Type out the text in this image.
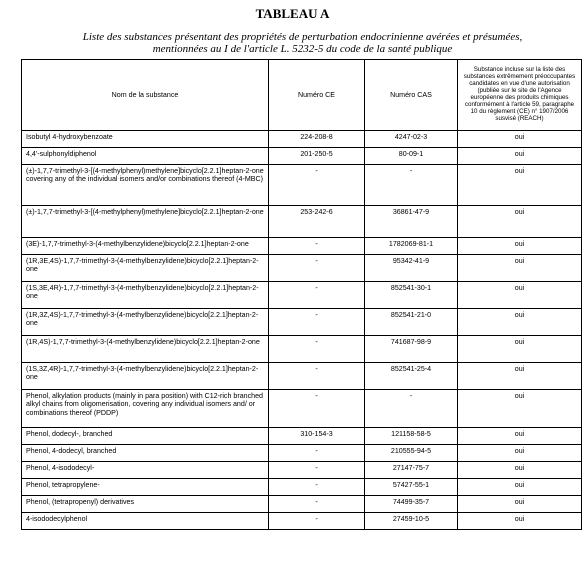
TABLEAU A
Liste des substances présentant des propriétés de perturbation endocrinienne avérées et présumées,
mentionnées au I de l'article L. 5232-5 du code de la santé publique
Nom de la substance	Numéro CE	Numéro CAS	Substance incluse sur la liste des substances extrêmement préoccupantes candidates en vue d'une autorisation (publiée sur le site de l'Agence européenne des produits chimiques conformément à l'article 59, paragraphe 10 du règlement (CE) n° 1907/2006 susvisé (REACH)
Isobutyl 4-hydroxybenzoate	224-208-8	4247-02-3	oui
4,4'-sulphonyldiphenol	201-250-5	80-09-1	oui
(±)-1,7,7-trimethyl-3-[(4-methylphenyl)methylene]bicyclo[2.2.1]heptan-2-one covering any of the individual isomers and/or combinations thereof (4-MBC)	-	-	oui
(±)-1,7,7-trimethyl-3-[(4-methylphenyl)methylene]bicyclo[2.2.1]heptan-2-one	253-242-6	36861-47-9	oui
(3E)-1,7,7-trimethyl-3-(4-methylbenzylidene)bicyclo[2.2.1]heptan-2-one	-	1782069-81-1	oui
(1R,3E,4S)-1,7,7-trimethyl-3-(4-methylbenzylidene)bicyclo[2.2.1]heptan-2-one	-	95342-41-9	oui
(1S,3E,4R)-1,7,7-trimethyl-3-(4-methylbenzylidene)bicyclo[2.2.1]heptan-2-one	-	852541-30-1	oui
(1R,3Z,4S)-1,7,7-trimethyl-3-(4-methylbenzylidene)bicyclo[2.2.1]heptan-2-one	-	852541-21-0	oui
(1R,4S)-1,7,7-trimethyl-3-(4-methylbenzylidene)bicyclo[2.2.1]heptan-2-one	-	741687-98-9	oui
(1S,3Z,4R)-1,7,7-trimethyl-3-(4-methylbenzylidene)bicyclo[2.2.1]heptan-2-one	-	852541-25-4	oui
Phenol, alkylation products (mainly in para position) with C12-rich branched alkyl chains from oligomerisation, covering any individual isomers and/ or combinations thereof (PDDP)	-	-	oui
Phenol, dodecyl-, branched	310-154-3	121158-58-5	oui
Phenol, 4-dodecyl, branched	-	210555-94-5	oui
Phenol, 4-isododecyl-	-	27147-75-7	oui
Phenol, tetrapropylene-	-	57427-55-1	oui
Phenol, (tetrapropenyl) derivatives	-	74499-35-7	oui
4-isododecylphenol	-	27459-10-5	oui
